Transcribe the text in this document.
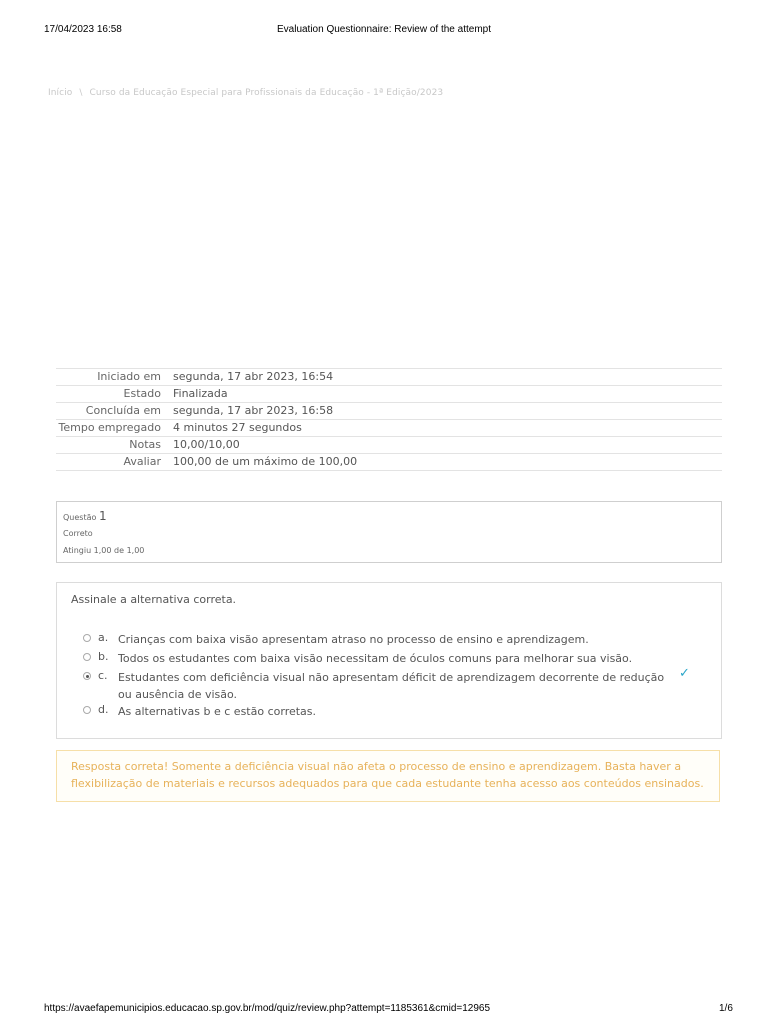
17/04/2023 16:58	Evaluation Questionnaire: Review of the attempt
Início \ Curso da Educação Especial para Profissionais da Educação - 1ª Edição/2023
Iniciado em	segunda, 17 abr 2023, 16:54
Estado	Finalizada
Concluída em	segunda, 17 abr 2023, 16:58
Tempo empregado	4 minutos 27 segundos
Notas	10,00/10,00
Avaliar	100,00 de um máximo de 100,00
Questão 1
Correto
Atingiu 1,00 de 1,00
Assinale a alternativa correta.
a. Crianças com baixa visão apresentam atraso no processo de ensino e aprendizagem.
b. Todos os estudantes com baixa visão necessitam de óculos comuns para melhorar sua visão.
c. Estudantes com deficiência visual não apresentam déficit de aprendizagem decorrente de redução ou ausência de visão.
d. As alternativas b e c estão corretas.
✓
Resposta correta! Somente a deficiência visual não afeta o processo de ensino e aprendizagem. Basta haver a flexibilização de materiais e recursos adequados para que cada estudante tenha acesso aos conteúdos ensinados.
https://avaefapemunicipios.educacao.sp.gov.br/mod/quiz/review.php?attempt=1185361&cmid=12965	1/6
